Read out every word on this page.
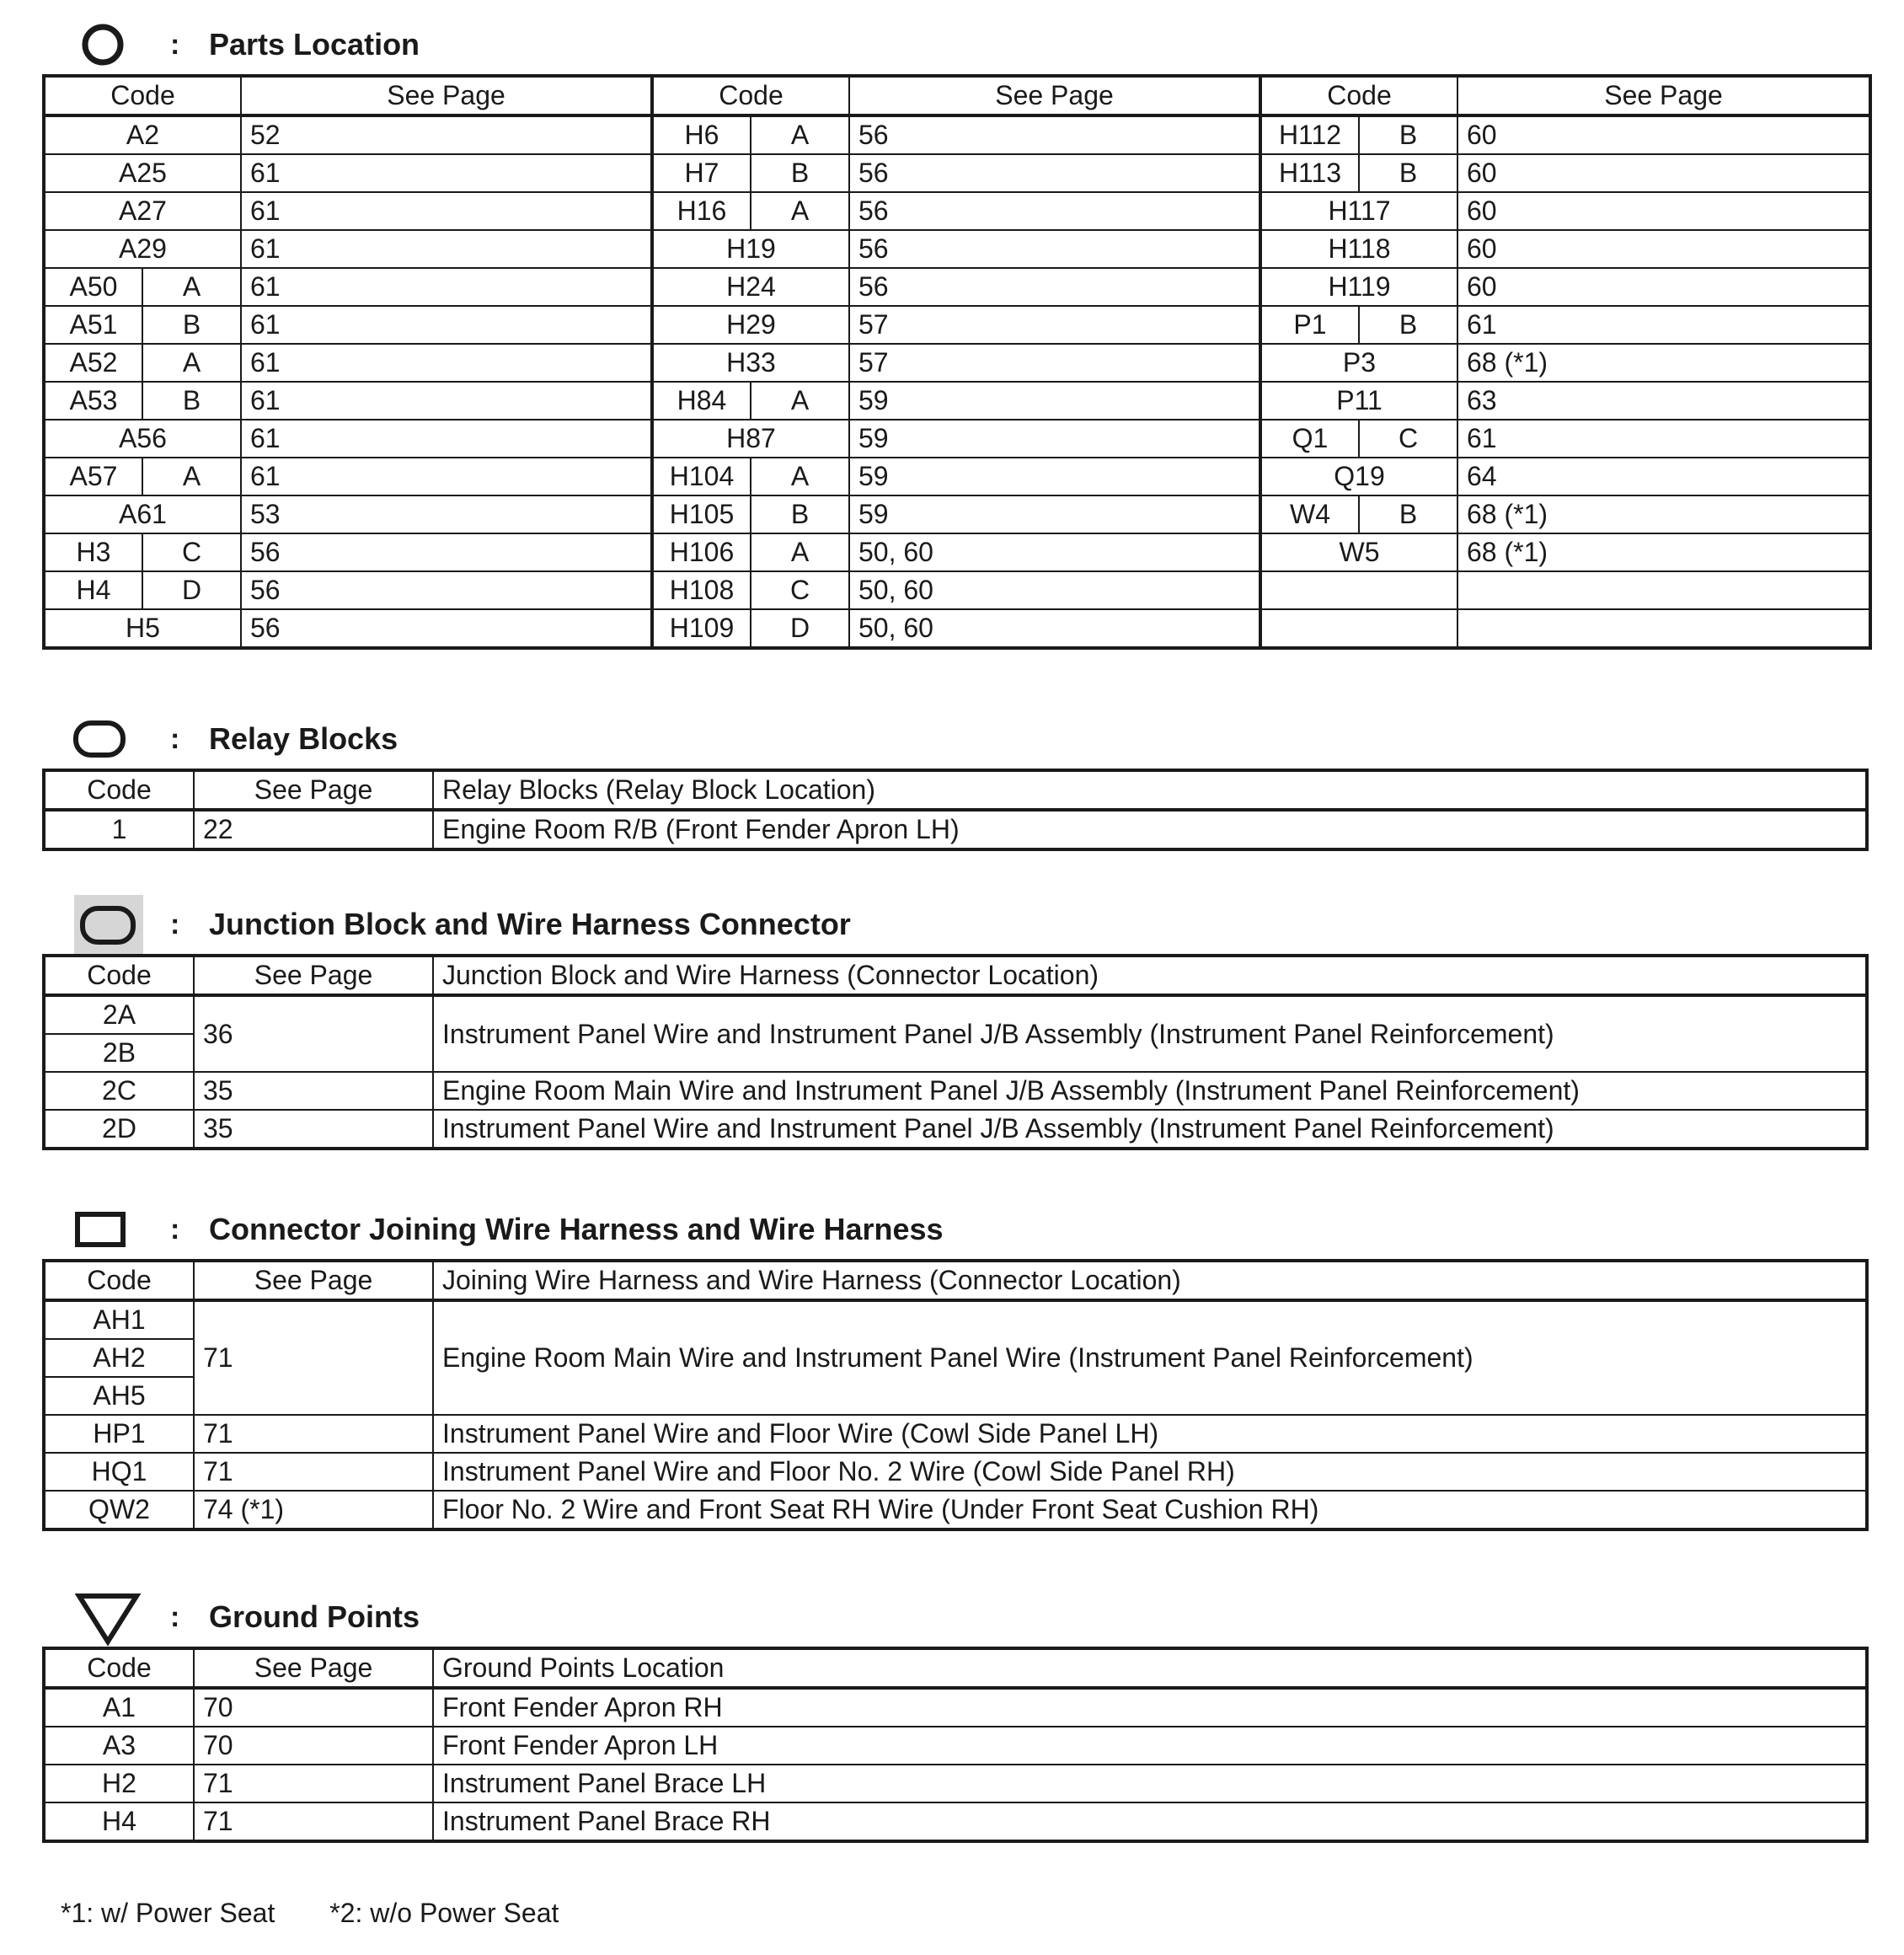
: Parts Location
Code		See Page	Code		See Page	Code		See Page
A2		52	H6	A	56	H112	B	60
A25		61	H7	B	56	H113	B	60
A27		61	H16	A	56	H117		60
A29		61	H19		56	H118		60
A50	A	61	H24		56	H119		60
A51	B	61	H29		57	P1	B	61
A52	A	61	H33		57	P3		68 (*1)
A53	B	61	H84	A	59	P11		63
A56		61	H87		59	Q1	C	61
A57	A	61	H104	A	59	Q19		64
A61		53	H105	B	59	W4	B	68 (*1)
H3	C	56	H106	A	50, 60	W5		68 (*1)
H4	D	56	H108	C	50, 60			
H5		56	H109	D	50, 60			
: Relay Blocks
Code	See Page	Relay Blocks (Relay Block Location)
1	22	Engine Room R/B (Front Fender Apron LH)
: Junction Block and Wire Harness Connector
Code	See Page	Junction Block and Wire Harness (Connector Location)
2A	36	Instrument Panel Wire and Instrument Panel J/B Assembly (Instrument Panel Reinforcement)
2B		
2C	35	Engine Room Main Wire and Instrument Panel J/B Assembly (Instrument Panel Reinforcement)
2D	35	Instrument Panel Wire and Instrument Panel J/B Assembly (Instrument Panel Reinforcement)
: Connector Joining Wire Harness and Wire Harness
Code	See Page	Joining Wire Harness and Wire Harness (Connector Location)
AH1	71	Engine Room Main Wire and Instrument Panel Wire (Instrument Panel Reinforcement)
AH2		
AH5		
HP1	71	Instrument Panel Wire and Floor Wire (Cowl Side Panel LH)
HQ1	71	Instrument Panel Wire and Floor No. 2 Wire (Cowl Side Panel RH)
QW2	74 (*1)	Floor No. 2 Wire and Front Seat RH Wire (Under Front Seat Cushion RH)
: Ground Points
Code	See Page	Ground Points Location
A1	70	Front Fender Apron RH
A3	70	Front Fender Apron LH
H2	71	Instrument Panel Brace LH
H4	71	Instrument Panel Brace RH
*1: w/ Power Seat *2: w/o Power Seat
